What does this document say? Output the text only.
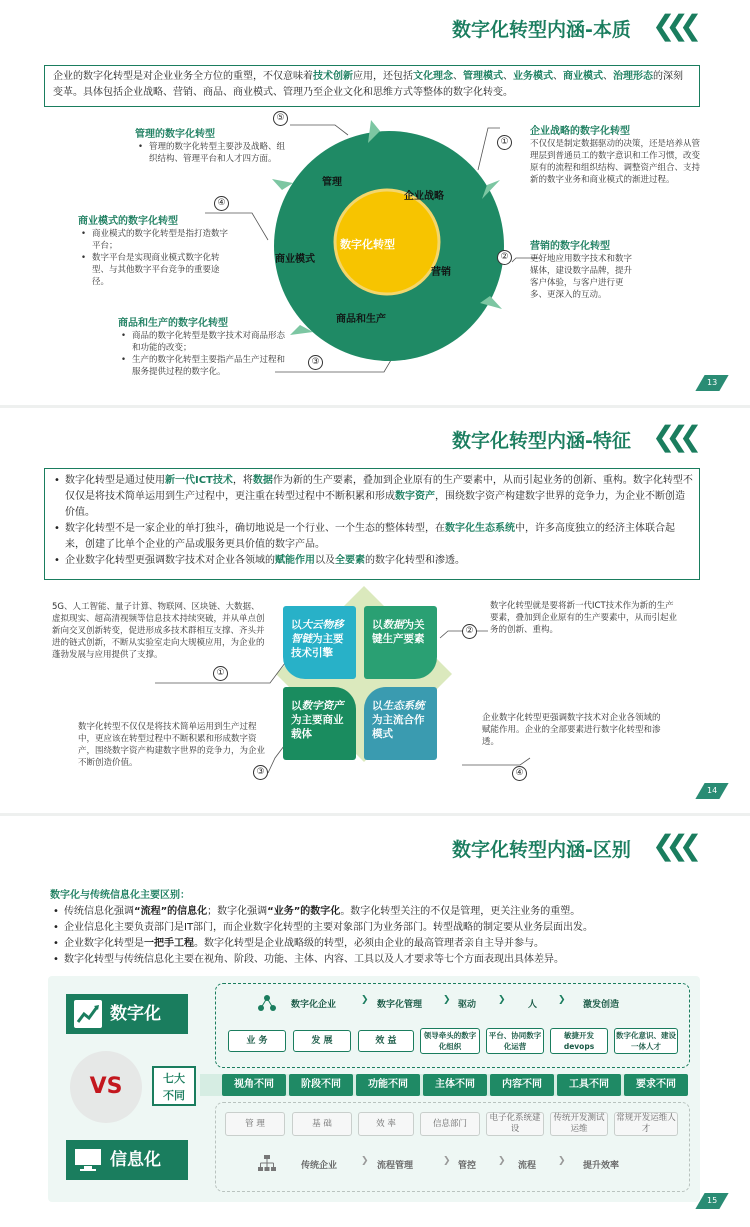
数字化转型内涵-本质 ❮❮❮
企业的数字化转型是对企业业务全方位的重塑，不仅意味着技术创新应用，还包括文化理念、管理模式、业务模式、商业模式、治理形态的深刻变革。具体包括企业战略、营销、商品、商业模式、管理乃至企业文化和思维方式等整体的数字化转变。
数字化转型
管理
企业战略
营销
商品和生产
商业模式
①
企业战略的数字化转型
不仅仅是制定数据驱动的决策，还是培养从管理层到普通员工的数字意识和工作习惯，改变原有的流程和组织结构、调整资产组合、支持新的数字业务和商业模式的渐进过程。
②
营销的数字化转型
更好地应用数字技术和数字媒体，建设数字品牌，提升客户体验，与客户进行更多、更深入的互动。
③
商品和生产的数字化转型
• 商品的数字化转型是数字技术对商品形态和功能的改变；
• 生产的数字化转型主要指产品生产过程和服务提供过程的数字化。
④
商业模式的数字化转型
• 商业模式的数字化转型是指打造数字平台；
• 数字平台是实现商业模式数字化转型、与其他数字平台竞争的重要途径。
⑤
管理的数字化转型
• 管理的数字化转型主要涉及战略、组织结构、管理平台和人才四方面。
13
数字化转型内涵-特征 ❮❮❮
• 数字化转型是通过使用新一代ICT技术，将数据作为新的生产要素，叠加到企业原有的生产要素中，从而引起业务的创新、重构。数字化转型不仅仅是将技术简单运用到生产过程中，更注重在转型过程中不断积累和形成数字资产，围绕数字资产构建数字世界的竞争力，为企业不断创造价值。
• 数字化转型不是一家企业的单打独斗，确切地说是一个行业、一个生态的整体转型，在数字化生态系统中，许多高度独立的经济主体联合起来，创建了比单个企业的产品或服务更具价值的数字产品。
• 企业数字化转型更强调数字技术对企业各领域的赋能作用以及全要素的数字化转型和渗透。
以大云物移智链为主要技术引擎
以数据为关键生产要素
以数字资产为主要商业载体
以生态系统为主流合作模式
5G、人工智能、量子计算、物联网、区块链、大数据、虚拟现实、超高清视频等信息技术持续突破，并从单点创新向交叉创新转变，促进形成多技术群相互支撑、齐头并进的链式创新，不断从实验室走向大规模应用，为企业的蓬勃发展与应用提供了支撑。
①
数字化转型就是要将新一代ICT技术作为新的生产要素，叠加到企业原有的生产要素中，从而引起业务的创新、重构。
②
数字化转型不仅仅是将技术简单运用到生产过程中，更应该在转型过程中不断积累和形成数字资产，围绕数字资产构建数字世界的竞争力，为企业不断创造价值。
③
企业数字化转型更强调数字技术对企业各领域的赋能作用。企业的全部要素进行数字化转型和渗透。
④
14
数字化转型内涵-区别 ❮❮❮
数字化与传统信息化主要区别：
• 传统信息化强调“流程”的信息化；数字化强调“业务”的数字化。数字化转型关注的不仅是管理，更关注业务的重塑。
• 企业信息化主要负责部门是IT部门，而企业数字化转型的主要对象部门为业务部门。转型战略的制定要从业务层面出发。
• 企业数字化转型是一把手工程。数字化转型是企业战略级的转型，必须由企业的最高管理者亲自主导并参与。
• 数字化转型与传统信息化主要在视角、阶段、功能、主体、内容、工具以及人才要求等七个方面表现出具体差异。
数字化
VS	七大不同
信息化
数字化企业	❯ 数字化管理 ❯ 驱动 ❯ 人 ❯ 激发创造
业 务	发 展	效 益
领导牵头的数字化组织
平台、协同数字化运营
敏捷开发devops
数字化意识、建设一体人才
视角不同	阶段不同	功能不同	主体不同	内容不同	工具不同	要求不同
管 理	基 础	效 率	信息部门
电子化系统建设
传统开发测试运维
常规开发运维人才
传统企业	❯ 流程管理	❯ 管控 ❯ 流程 ❯ 提升效率
15
